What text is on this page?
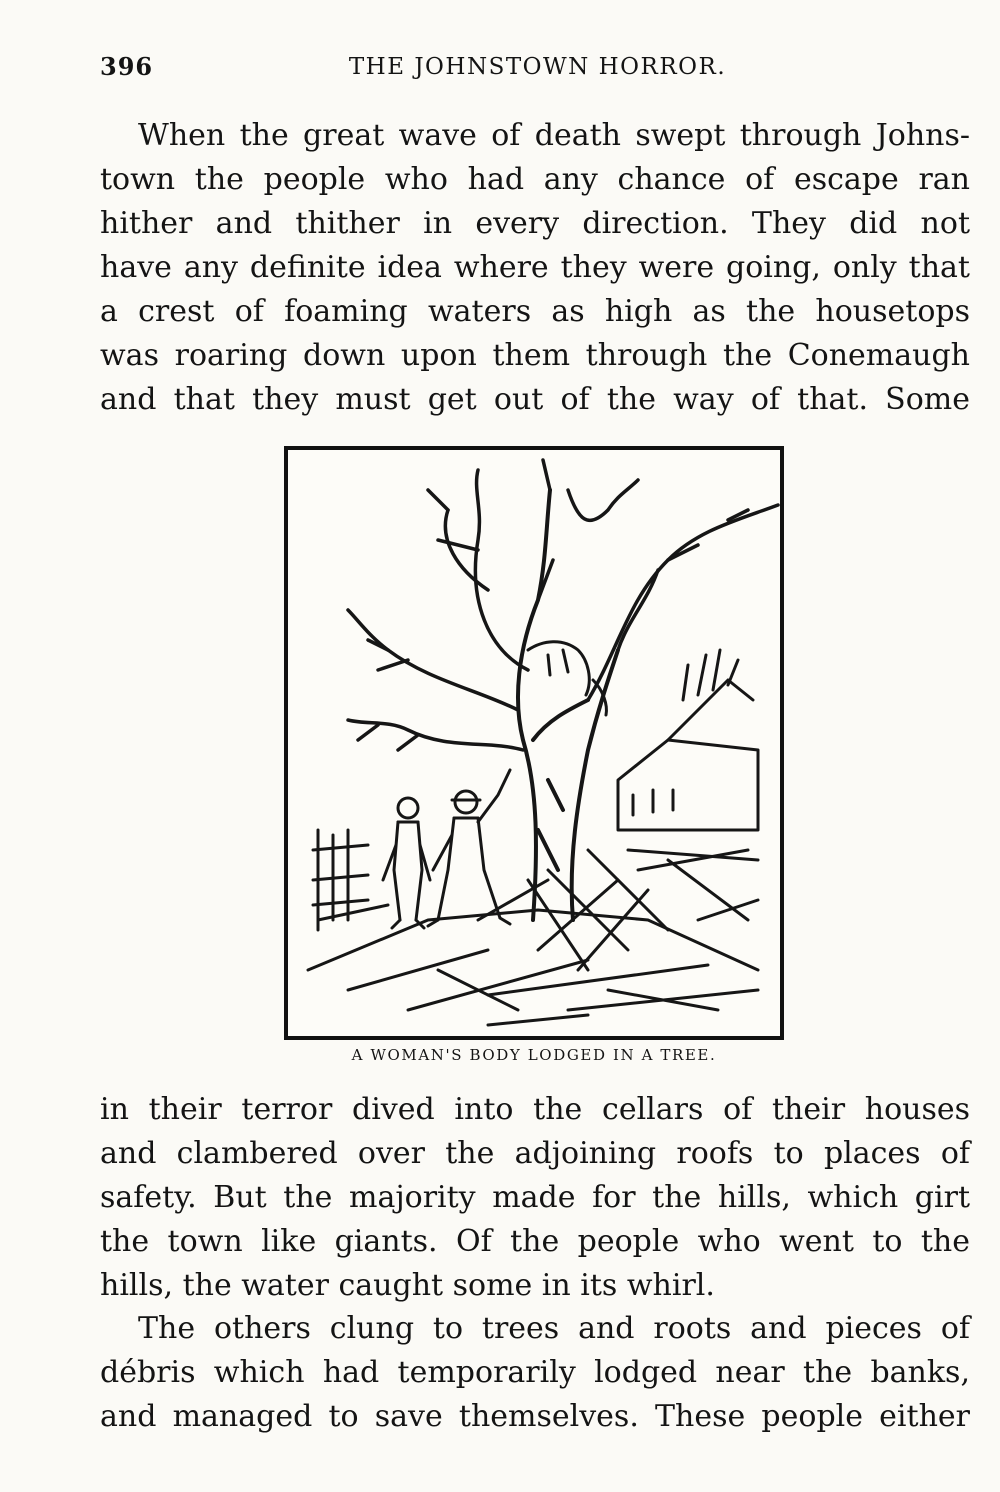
396	THE JOHNSTOWN HORROR.
When the great wave of death swept through Johns-
town the people who had any chance of escape ran
hither and thither in every direction. They did not
have any definite idea where they were going, only that
a crest of foaming waters as high as the housetops
was roaring down upon them through the Conemaugh
and that they must get out of the way of that. Some
A WOMAN'S BODY LODGED IN A TREE.
in their terror dived into the cellars of their houses
and clambered over the adjoining roofs to places of
safety. But the majority made for the hills, which girt
the town like giants. Of the people who went to the
hills, the water caught some in its whirl.
The others clung to trees and roots and pieces of
débris which had temporarily lodged near the banks,
and managed to save themselves. These people either
